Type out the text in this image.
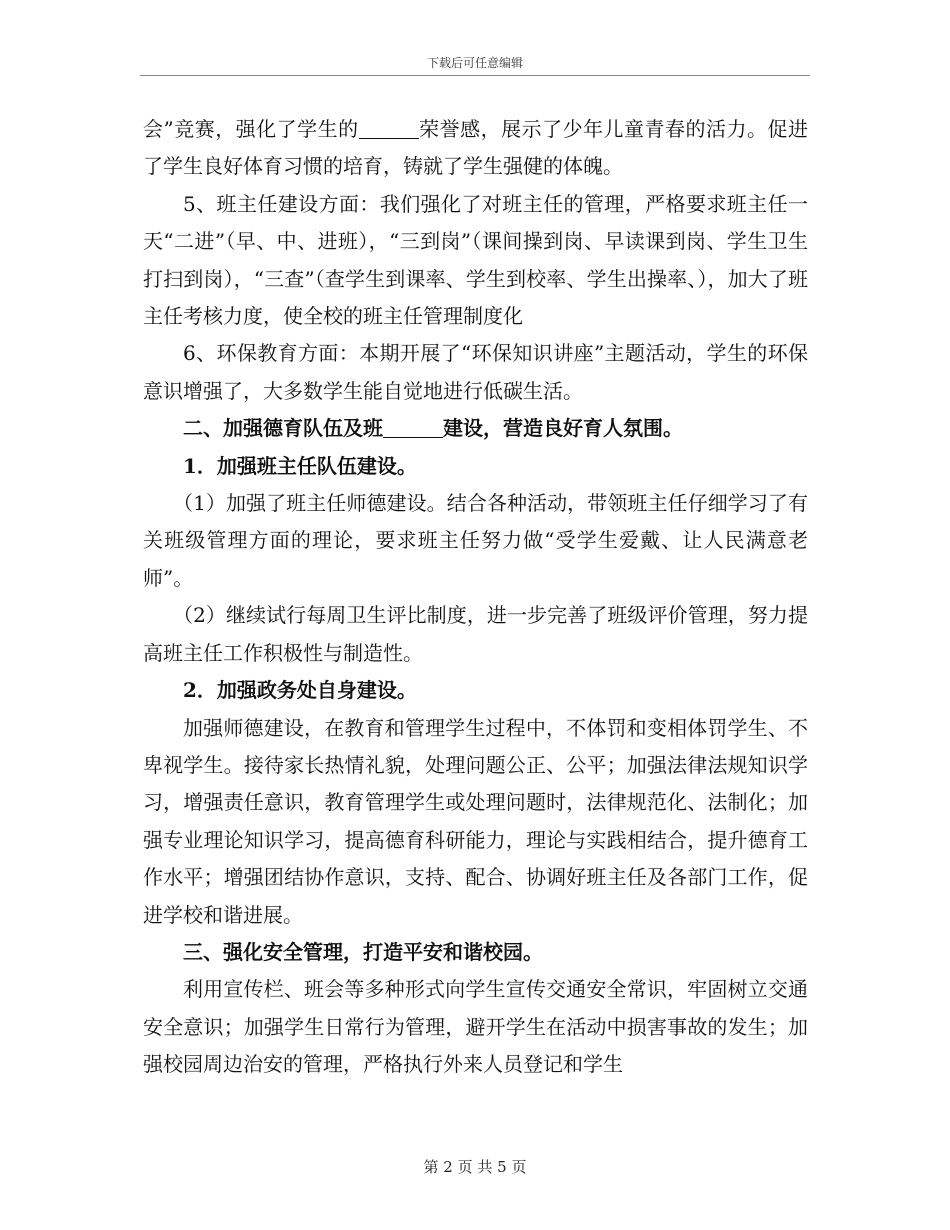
下载后可任意编辑

会”竞赛，强化了学生的	荣誉感，展示了少年儿童青春的活力。促进了学生良好体育习惯的培育，铸就了学生强健的体魄。

5、班主任建设方面：我们强化了对班主任的管理，严格要求班主任一天“二进”（早、中、进班），“三到岗”（课间操到岗、早读课到岗、学生卫生打扫到岗），“三查”（查学生到课率、学生到校率、学生出操率、），加大了班主任考核力度，使全校的班主任管理制度化

6、环保教育方面：本期开展了“环保知识讲座”主题活动，学生的环保意识增强了，大多数学生能自觉地进行低碳生活。

二、加强德育队伍及班	建设，营造良好育人氛围。

1．加强班主任队伍建设。

（1）加强了班主任师德建设。结合各种活动，带领班主任仔细学习了有关班级管理方面的理论，要求班主任努力做“受学生爱戴、让人民满意老师”。

（2）继续试行每周卫生评比制度，进一步完善了班级评价管理，努力提高班主任工作积极性与制造性。

2．加强政务处自身建设。

加强师德建设，在教育和管理学生过程中，不体罚和变相体罚学生、不卑视学生。接待家长热情礼貌，处理问题公正、公平；加强法律法规知识学习，增强责任意识，教育管理学生或处理问题时，法律规范化、法制化；加强专业理论知识学习，提高德育科研能力，理论与实践相结合，提升德育工作水平；增强团结协作意识，支持、配合、协调好班主任及各部门工作，促进学校和谐进展。

三、强化安全管理，打造平安和谐校园。

利用宣传栏、班会等多种形式向学生宣传交通安全常识，牢固树立交通安全意识；加强学生日常行为管理，避开学生在活动中损害事故的发生；加强校园周边治安的管理，严格执行外来人员登记和学生

第 2 页 共 5 页
